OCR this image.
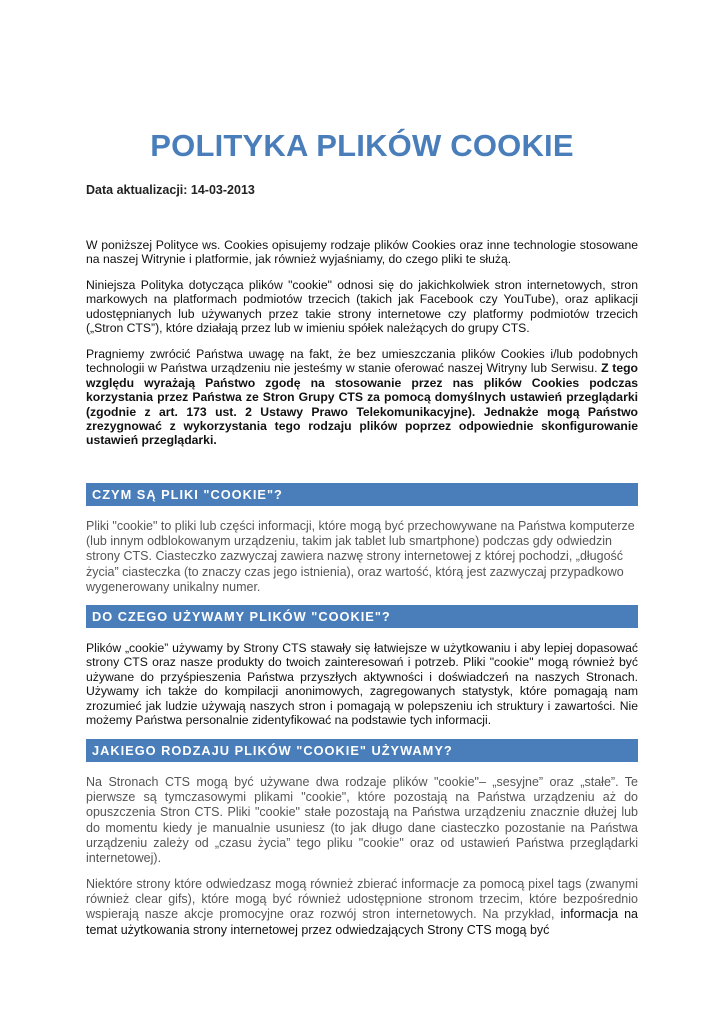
POLITYKA PLIKÓW COOKIE
Data aktualizacji: 14-03-2013

W poniższej Polityce ws. Cookies opisujemy rodzaje plików Cookies oraz inne technologie stosowane na naszej Witrynie i platformie, jak również wyjaśniamy, do czego pliki te służą.

Niniejsza Polityka dotycząca plików "cookie" odnosi się do jakichkolwiek stron internetowych, stron markowych na platformach podmiotów trzecich (takich jak Facebook czy YouTube), oraz aplikacji udostępnianych lub używanych przez takie strony internetowe czy platformy podmiotów trzecich („Stron CTS”), które działają przez lub w imieniu spółek należących do grupy CTS.

Pragniemy zwrócić Państwa uwagę na fakt, że bez umieszczania plików Cookies i/lub podobnych technologii w Państwa urządzeniu nie jesteśmy w stanie oferować naszej Witryny lub Serwisu. Z tego względu wyrażają Państwo zgodę na stosowanie przez nas plików Cookies podczas korzystania przez Państwa ze Stron Grupy CTS za pomocą domyślnych ustawień przeglądarki (zgodnie z art. 173 ust. 2 Ustawy Prawo Telekomunikacyjne). Jednakże mogą Państwo zrezygnować z wykorzystania tego rodzaju plików poprzez odpowiednie skonfigurowanie ustawień przeglądarki.

CZYM SĄ PLIKI "COOKIE"?

Pliki "cookie" to pliki lub części informacji, które mogą być przechowywane na Państwa komputerze (lub innym odblokowanym urządzeniu, takim jak tablet lub smartphone) podczas gdy odwiedzin strony CTS. Ciasteczko zazwyczaj zawiera nazwę strony internetowej z której pochodzi, „długość życia” ciasteczka (to znaczy czas jego istnienia), oraz wartość, którą jest zazwyczaj przypadkowo wygenerowany unikalny numer.

DO CZEGO UŻYWAMY PLIKÓW "COOKIE"?

Plików „cookie” używamy by Strony CTS stawały się łatwiejsze w użytkowaniu i aby lepiej dopasować strony CTS oraz nasze produkty do twoich zainteresowań i potrzeb. Pliki "cookie" mogą również być używane do przyśpieszenia Państwa przyszłych aktywności i doświadczeń na naszych Stronach. Używamy ich także do kompilacji anonimowych, zagregowanych statystyk, które pomagają nam zrozumieć jak ludzie używają naszych stron i pomagają w polepszeniu ich struktury i zawartości. Nie możemy Państwa personalnie zidentyfikować na podstawie tych informacji.

JAKIEGO RODZAJU PLIKÓW "COOKIE" UŻYWAMY?

Na Stronach CTS mogą być używane dwa rodzaje plików "cookie"– „sesyjne” oraz „stałe”. Te pierwsze są tymczasowymi plikami "cookie", które pozostają na Państwa urządzeniu aż do opuszczenia Stron CTS. Pliki "cookie" stałe pozostają na Państwa urządzeniu znacznie dłużej lub do momentu kiedy je manualnie usuniesz (to jak długo dane ciasteczko pozostanie na Państwa urządzeniu zależy od „czasu życia” tego pliku "cookie" oraz od ustawień Państwa przeglądarki internetowej).

Niektóre strony które odwiedzasz mogą również zbierać informacje za pomocą pixel tags (zwanymi również clear gifs), które mogą być również udostępnione stronom trzecim, które bezpośrednio wspierają nasze akcje promocyjne oraz rozwój stron internetowych. Na przykład, informacja na temat użytkowania strony internetowej przez odwiedzających Strony CTS mogą być
